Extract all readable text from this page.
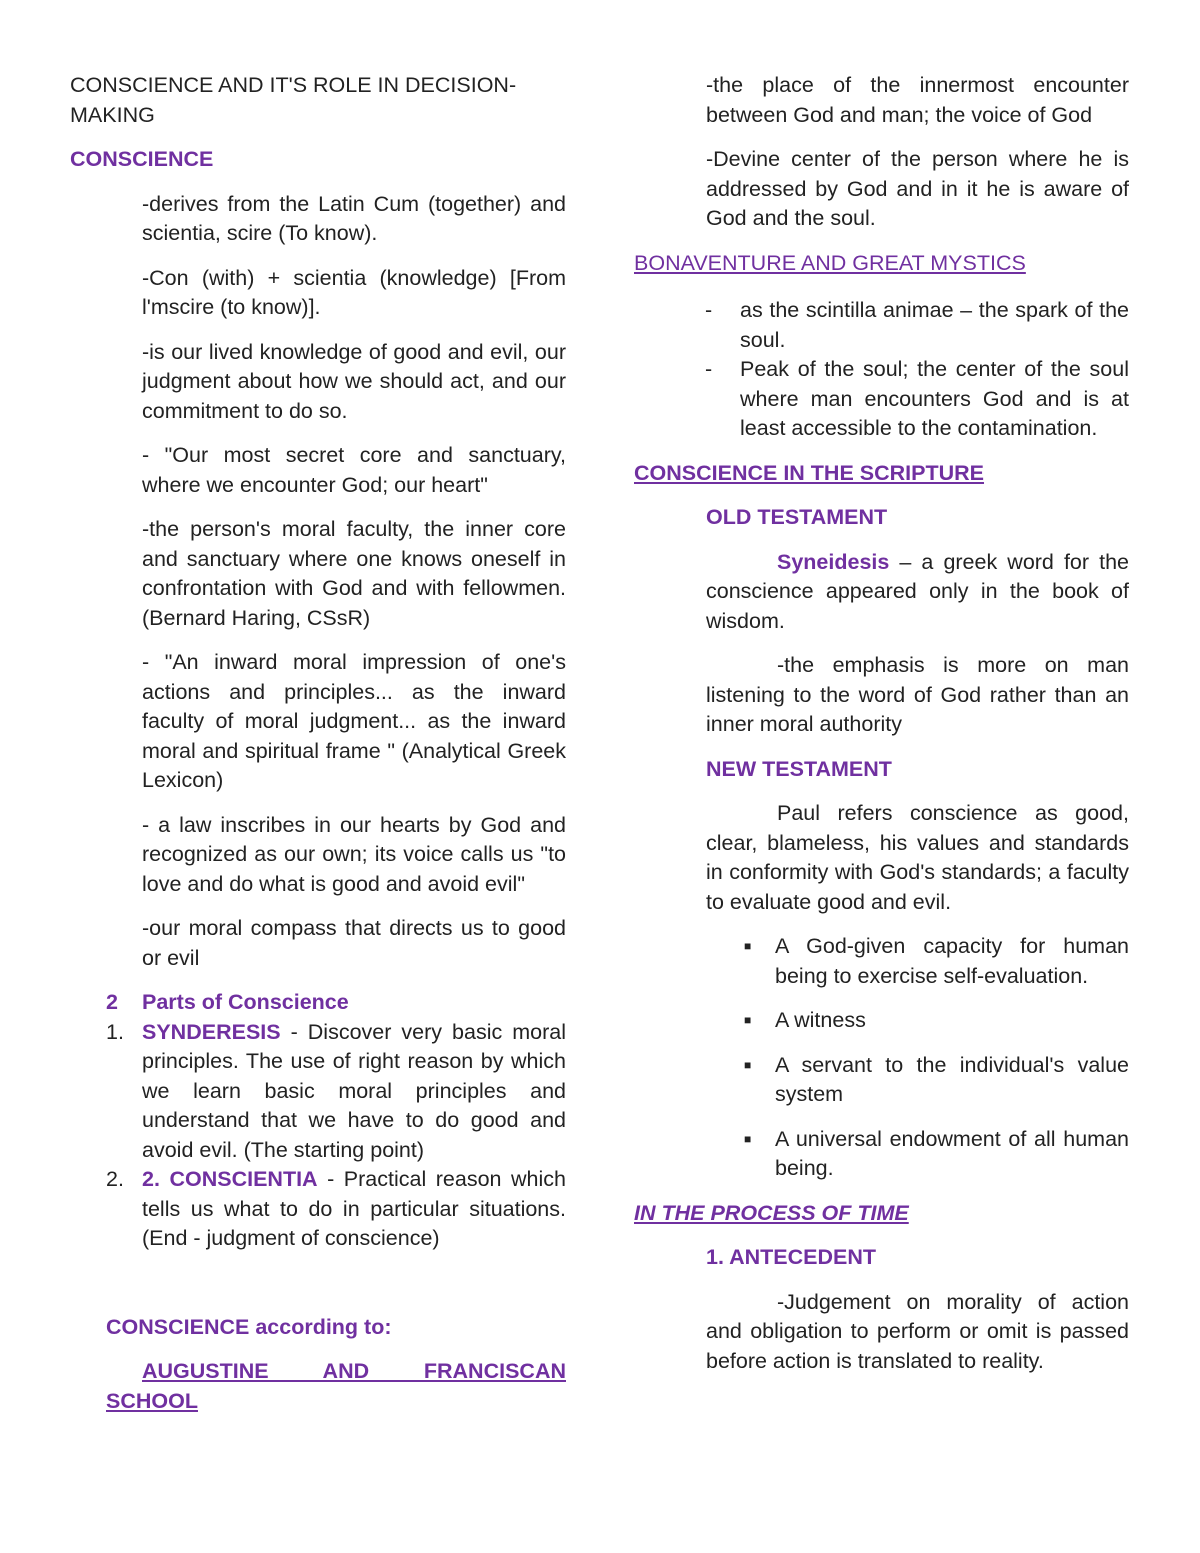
CONSCIENCE AND IT'S ROLE IN DECISION-MAKING

CONSCIENCE

-derives from the Latin Cum (together) and scientia, scire (To know).

-Con (with) + scientia (knowledge) [From l'mscire (to know)].

-is our lived knowledge of good and evil, our judgment about how we should act, and our commitment to do so.

- "Our most secret core and sanctuary, where we encounter God; our heart"

-the person's moral faculty, the inner core and sanctuary where one knows oneself in confrontation with God and with fellowmen. (Bernard Haring, CSsR)

- "An inward moral impression of one's actions and principles... as the inward faculty of moral judgment... as the inward moral and spiritual frame " (Analytical Greek Lexicon)

- a law inscribes in our hearts by God and recognized as our own; its voice calls us "to love and do what is good and avoid evil"

-our moral compass that directs us to good or evil

2 Parts of Conscience

1. SYNDERESIS - Discover very basic moral principles. The use of right reason by which we learn basic moral principles and understand that we have to do good and avoid evil. (The starting point)

2. 2. CONSCIENTIA - Practical reason which tells us what to do in particular situations. (End - judgment of conscience)

CONSCIENCE according to:

AUGUSTINE AND FRANCISCAN SCHOOL

-the place of the innermost encounter between God and man; the voice of God

-Devine center of the person where he is addressed by God and in it he is aware of God and the soul.

BONAVENTURE AND GREAT MYSTICS

- as the scintilla animae – the spark of the soul.

- Peak of the soul; the center of the soul where man encounters God and is at least accessible to the contamination.

CONSCIENCE IN THE SCRIPTURE

OLD TESTAMENT

Syneidesis – a greek word for the conscience appeared only in the book of wisdom.

-the emphasis is more on man listening to the word of God rather than an inner moral authority

NEW TESTAMENT

Paul refers conscience as good, clear, blameless, his values and standards in conformity with God's standards; a faculty to evaluate good and evil.

■ A God-given capacity for human being to exercise self-evaluation.

■ A witness

■ A servant to the individual's value system

■ A universal endowment of all human being.

IN THE PROCESS OF TIME

1. ANTECEDENT

-Judgement on morality of action and obligation to perform or omit is passed before action is translated to reality.
